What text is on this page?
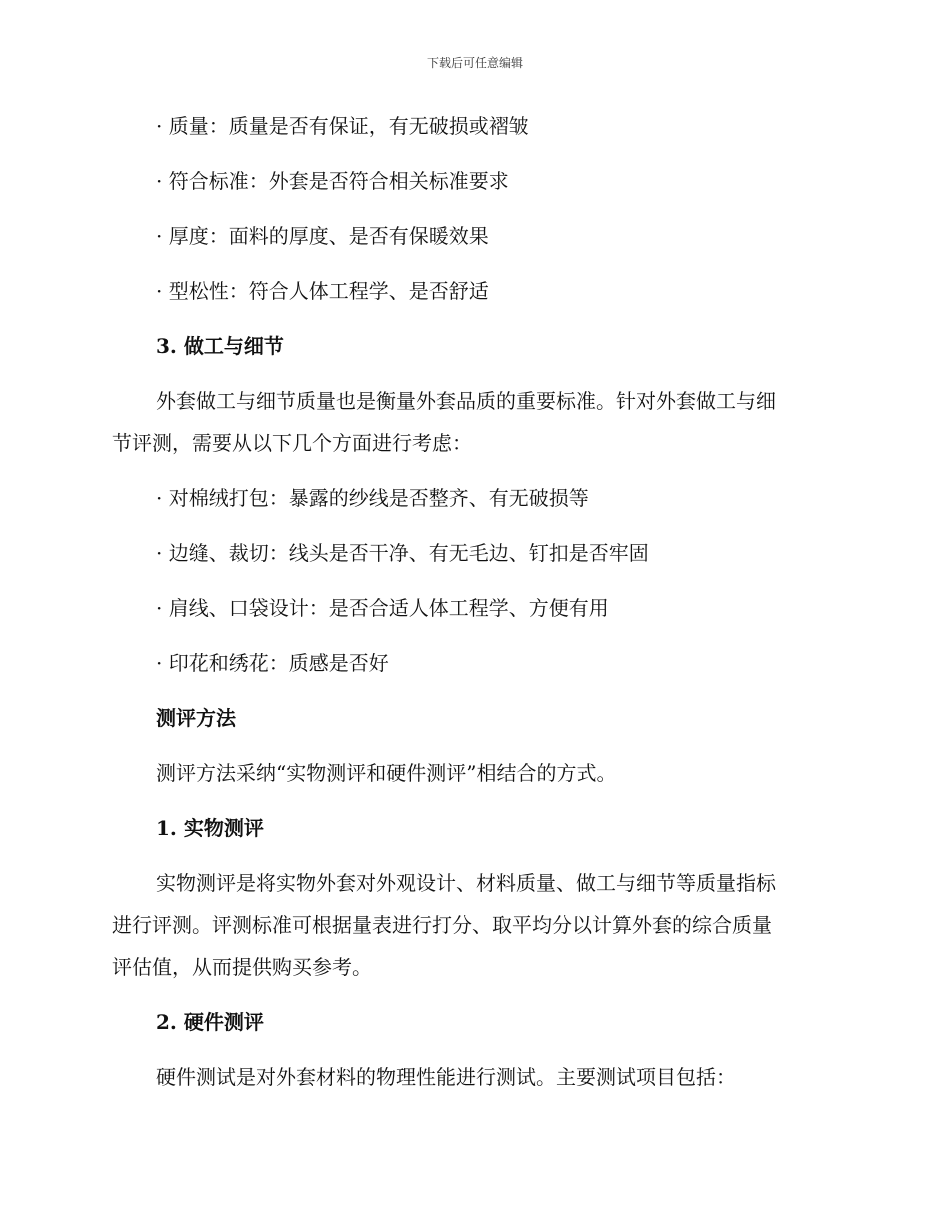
下载后可任意编辑
· 质量：质量是否有保证，有无破损或褶皱
· 符合标准：外套是否符合相关标准要求
· 厚度：面料的厚度、是否有保暖效果
· 型松性：符合人体工程学、是否舒适
3. 做工与细节
外套做工与细节质量也是衡量外套品质的重要标准。针对外套做工与细
节评测，需要从以下几个方面进行考虑：
· 对棉绒打包：暴露的纱线是否整齐、有无破损等
· 边缝、裁切：线头是否干净、有无毛边、钉扣是否牢固
· 肩线、口袋设计：是否合适人体工程学、方便有用
· 印花和绣花：质感是否好
测评方法
测评方法采纳“实物测评和硬件测评”相结合的方式。
1. 实物测评
实物测评是将实物外套对外观设计、材料质量、做工与细节等质量指标
进行评测。评测标准可根据量表进行打分、取平均分以计算外套的综合质量
评估值，从而提供购买参考。
2. 硬件测评
硬件测试是对外套材料的物理性能进行测试。主要测试项目包括：
